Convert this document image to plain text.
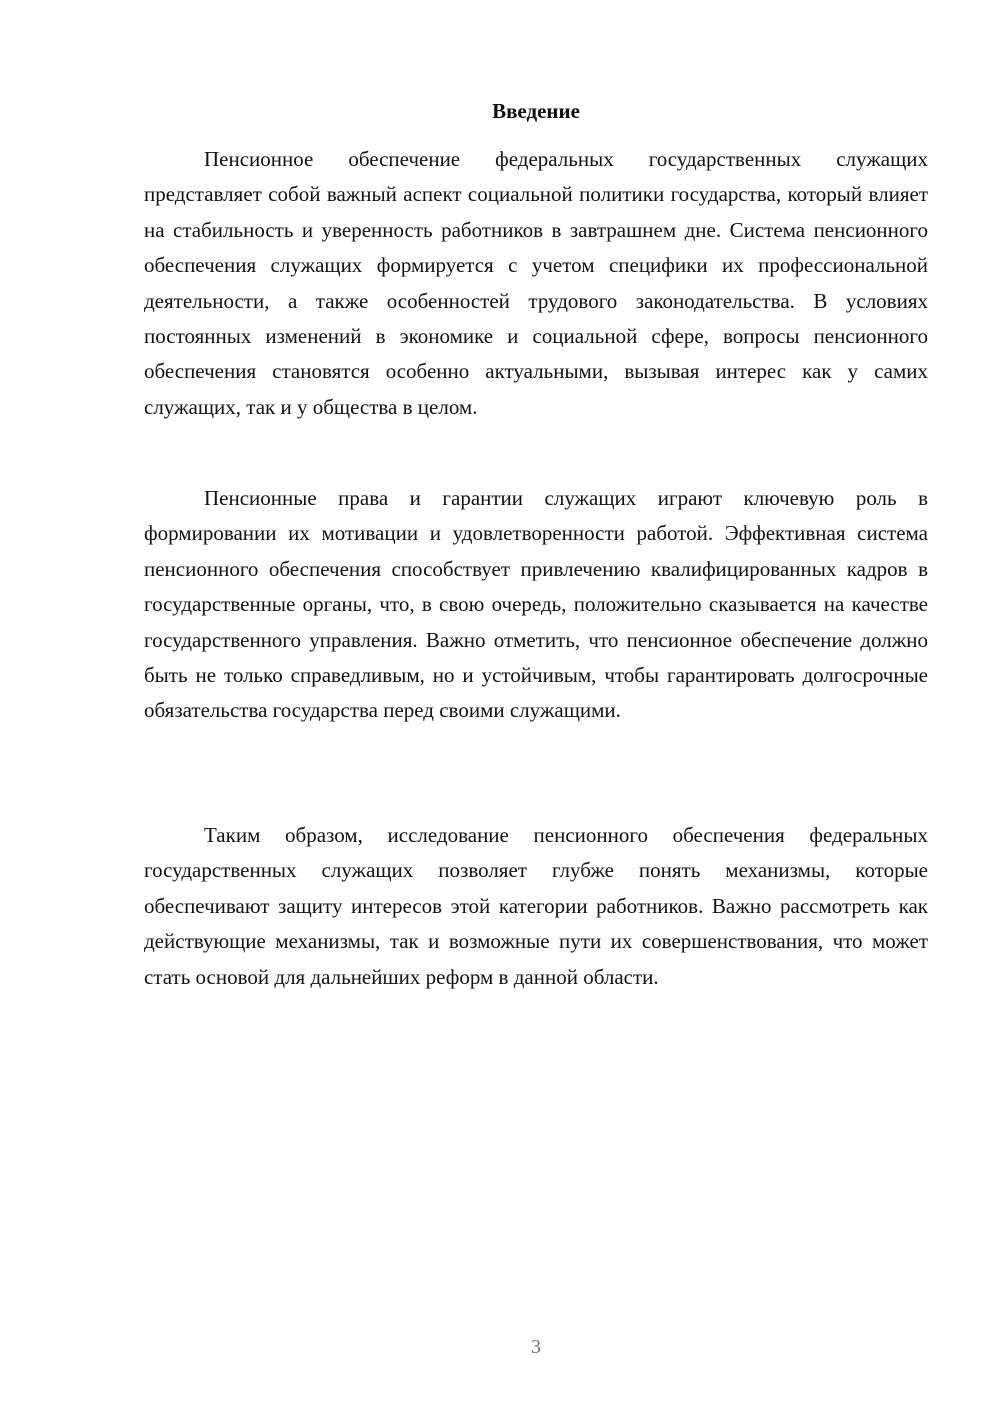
Введение

Пенсионное обеспечение федеральных государственных служащих представляет собой важный аспект социальной политики государства, который влияет на стабильность и уверенность работников в завтрашнем дне. Система пенсионного обеспечения служащих формируется с учетом специфики их профессиональной деятельности, а также особенностей трудового законодательства. В условиях постоянных изменений в экономике и социальной сфере, вопросы пенсионного обеспечения становятся особенно актуальными, вызывая интерес как у самих служащих, так и у общества в целом.

Пенсионные права и гарантии служащих играют ключевую роль в формировании их мотивации и удовлетворенности работой. Эффективная система пенсионного обеспечения способствует привлечению квалифицированных кадров в государственные органы, что, в свою очередь, положительно сказывается на качестве государственного управления. Важно отметить, что пенсионное обеспечение должно быть не только справедливым, но и устойчивым, чтобы гарантировать долгосрочные обязательства государства перед своими служащими.

Таким образом, исследование пенсионного обеспечения федеральных государственных служащих позволяет глубже понять механизмы, которые обеспечивают защиту интересов этой категории работников. Важно рассмотреть как действующие механизмы, так и возможные пути их совершенствования, что может стать основой для дальнейших реформ в данной области.

3
